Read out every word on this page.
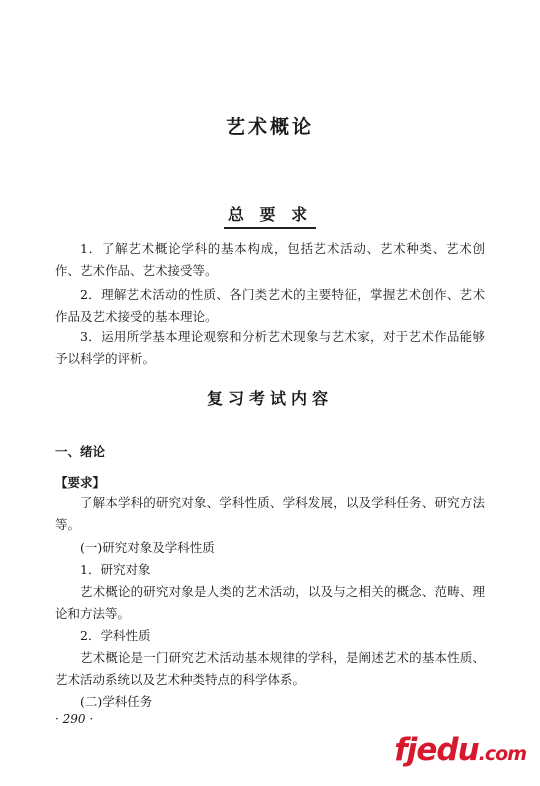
艺术概论
总 要 求
1．了解艺术概论学科的基本构成，包括艺术活动、艺术种类、艺术创作、艺术作品、艺术接受等。
2．理解艺术活动的性质、各门类艺术的主要特征，掌握艺术创作、艺术作品及艺术接受的基本理论。
3．运用所学基本理论观察和分析艺术现象与艺术家，对于艺术作品能够予以科学的评析。
复习考试内容
一、绪论
【要求】
了解本学科的研究对象、学科性质、学科发展，以及学科任务、研究方法等。
(一)研究对象及学科性质
1．研究对象
艺术概论的研究对象是人类的艺术活动，以及与之相关的概念、范畴、理论和方法等。
2．学科性质
艺术概论是一门研究艺术活动基本规律的学科，是阐述艺术的基本性质、艺术活动系统以及艺术种类特点的科学体系。
(二)学科任务
· 290 ·
fjedu.com
